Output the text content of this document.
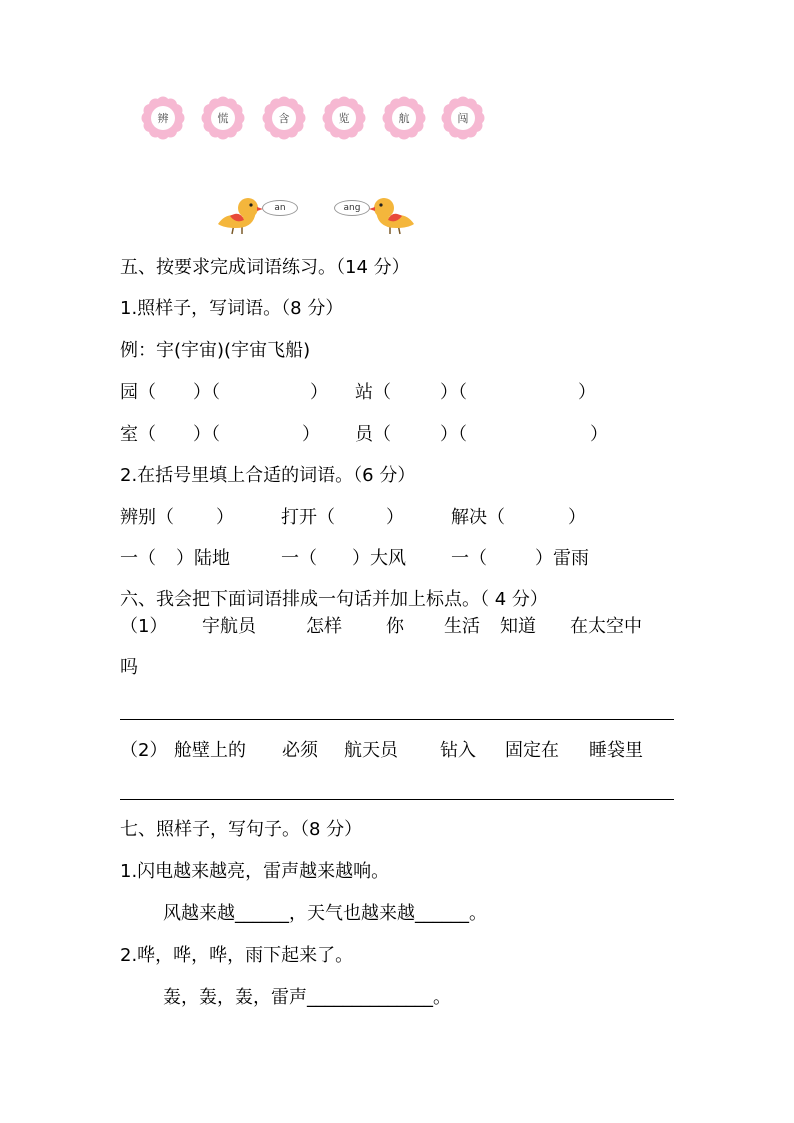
辨	慌	含	览	航	闯
an	ang
五、按要求完成词语练习。（14 分）
1.照样子，写词语。（8 分）
例：宇(宇宙)(宇宙飞船)
园（ ）（	） 站（	）（	）
室（ ）（	） 员（	）（	）
2.在括号里填上合适的词语。（6 分）
辨别（ ）	打开（	）	解决（	）
一（ ）陆地	一（ ）大风	一（	）雷雨
六、我会把下面词语排成一句话并加上标点。（ 4 分）
（1） 宇航员	怎样 你 生活 知道 在太空中
吗
（2） 舱壁上的 必须 航天员 钻入 固定在 睡袋里
七、照样子，写句子。（8 分）
1.闪电越来越亮，雷声越来越响。
风越来越______，天气也越来越______。
2.哗，哗，哗，雨下起来了。
轰，轰，轰，雷声______________。
